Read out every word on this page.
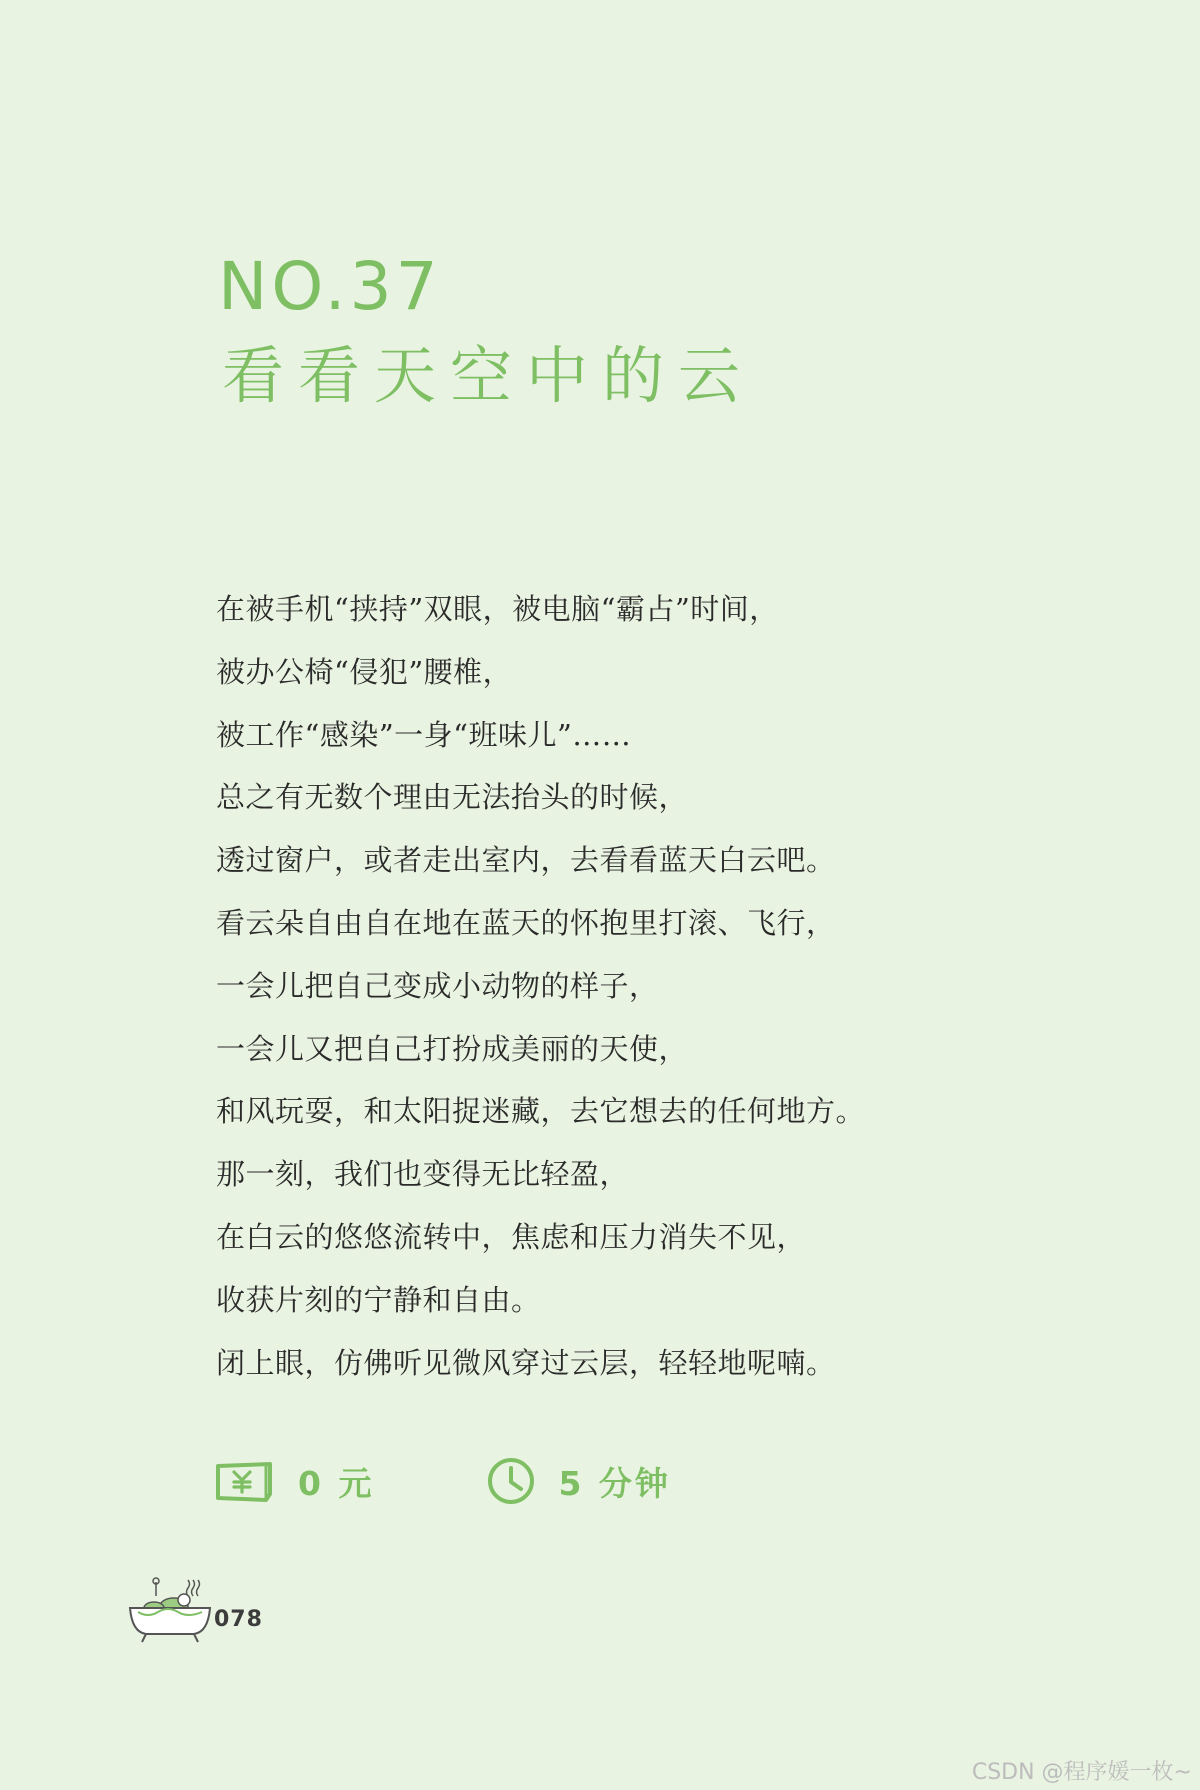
NO.37
看看天空中的云
在被手机“挟持”双眼，被电脑“霸占”时间，
被办公椅“侵犯”腰椎，
被工作“感染”一身“班味儿”……
总之有无数个理由无法抬头的时候，
透过窗户，或者走出室内，去看看蓝天白云吧。
看云朵自由自在地在蓝天的怀抱里打滚、飞行，
一会儿把自己变成小动物的样子，
一会儿又把自己打扮成美丽的天使，
和风玩耍，和太阳捉迷藏，去它想去的任何地方。
那一刻，我们也变得无比轻盈，
在白云的悠悠流转中，焦虑和压力消失不见，
收获片刻的宁静和自由。
闭上眼，仿佛听见微风穿过云层，轻轻地呢喃。
0 元	5 分钟
078
CSDN @程序媛一枚~
